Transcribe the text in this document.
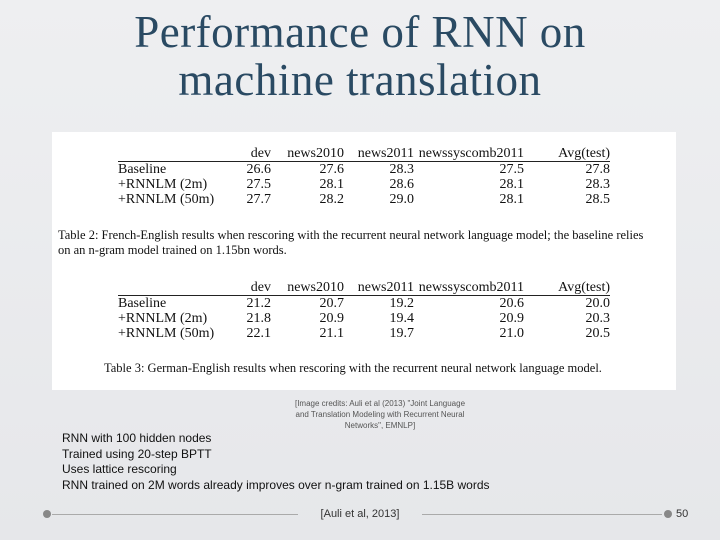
Performance of RNN on
machine translation
	dev	news2010	news2011	newssyscomb2011	Avg(test)
Baseline	26.6	27.6	28.3	27.5	27.8
+RNNLM (2m)	27.5	28.1	28.6	28.1	28.3
+RNNLM (50m)	27.7	28.2	29.0	28.1	28.5
Table 2: French-English results when rescoring with the recurrent neural network language model; the baseline relies
on an n-gram model trained on 1.15bn words.
	dev	news2010	news2011	newssyscomb2011	Avg(test)
Baseline	21.2	20.7	19.2	20.6	20.0
+RNNLM (2m)	21.8	20.9	19.4	20.9	20.3
+RNNLM (50m)	22.1	21.1	19.7	21.0	20.5
Table 3: German-English results when rescoring with the recurrent neural network language model.
[Image credits: Auli et al (2013) "Joint Language
and Translation Modeling with Recurrent Neural
Networks", EMNLP]
RNN with 100 hidden nodes
Trained using 20-step BPTT
Uses lattice rescoring
RNN trained on 2M words already improves over n-gram trained on 1.15B words
[Auli et al, 2013]	50
